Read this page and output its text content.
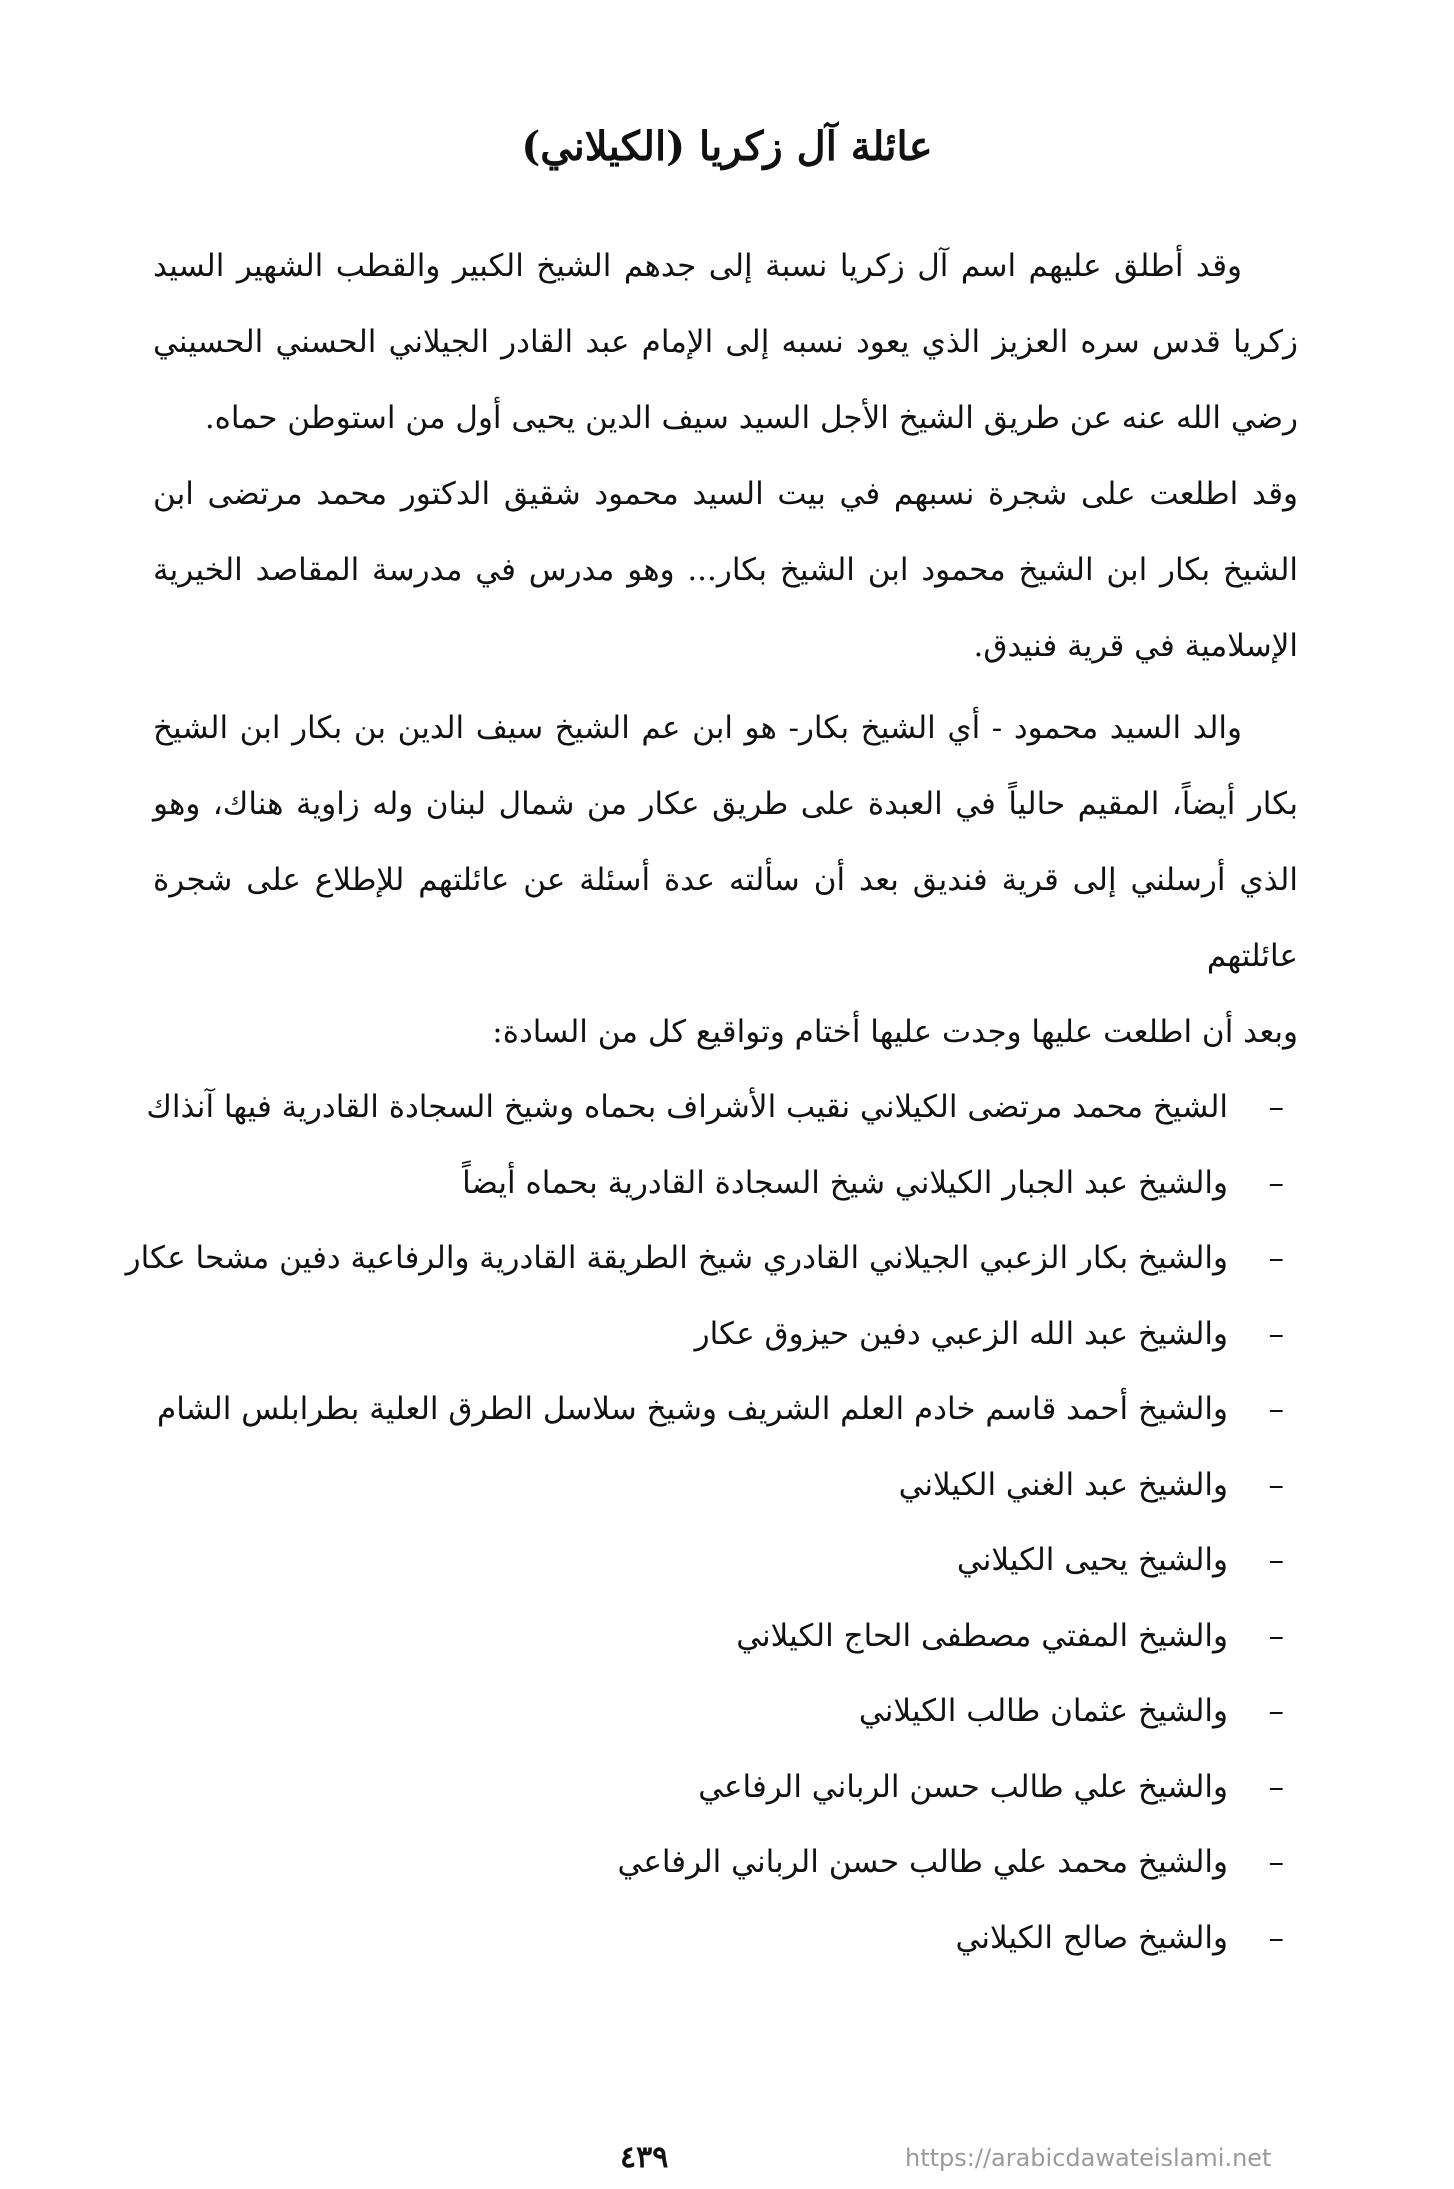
عائلة آل زكريا (الكيلاني)

وقد أطلق عليهم اسم آل زكريا نسبة إلى جدهم الشيخ الكبير والقطب الشهير السيد زكريا قدس سره العزيز الذي يعود نسبه إلى الإمام عبد القادر الجيلاني الحسني الحسيني رضي الله عنه عن طريق الشيخ الأجل السيد سيف الدين يحيى أول من استوطن حماه.

وقد اطلعت على شجرة نسبهم في بيت السيد محمود شقيق الدكتور محمد مرتضى ابن الشيخ بكار ابن الشيخ محمود ابن الشيخ بكار... وهو مدرس في مدرسة المقاصد الخيرية الإسلامية في قرية فنيدق.

والد السيد محمود - أي الشيخ بكار- هو ابن عم الشيخ سيف الدين بن بكار ابن الشيخ بكار أيضاً، المقيم حالياً في العبدة على طريق عكار من شمال لبنان وله زاوية هناك، وهو الذي أرسلني إلى قرية فنديق بعد أن سألته عدة أسئلة عن عائلتهم للإطلاع على شجرة عائلتهم

وبعد أن اطلعت عليها وجدت عليها أختام وتواقيع كل من السادة:

–
الشيخ محمد مرتضى الكيلاني نقيب الأشراف بحماه وشيخ السجادة القادرية فيها آنذاك
–
والشيخ عبد الجبار الكيلاني شيخ السجادة القادرية بحماه أيضاً
–
والشيخ بكار الزعبي الجيلاني القادري شيخ الطريقة القادرية والرفاعية دفين مشحا عكار
–
والشيخ عبد الله الزعبي دفين حيزوق عكار
–
والشيخ أحمد قاسم خادم العلم الشريف وشيخ سلاسل الطرق العلية بطرابلس الشام
–
والشيخ عبد الغني الكيلاني
–
والشيخ يحيى الكيلاني
–
والشيخ المفتي مصطفى الحاج الكيلاني
–
والشيخ عثمان طالب الكيلاني
–
والشيخ علي طالب حسن الرباني الرفاعي
–
والشيخ محمد علي طالب حسن الرباني الرفاعي
–
والشيخ صالح الكيلاني
٤٣٩	https://arabicdawateislami.net
